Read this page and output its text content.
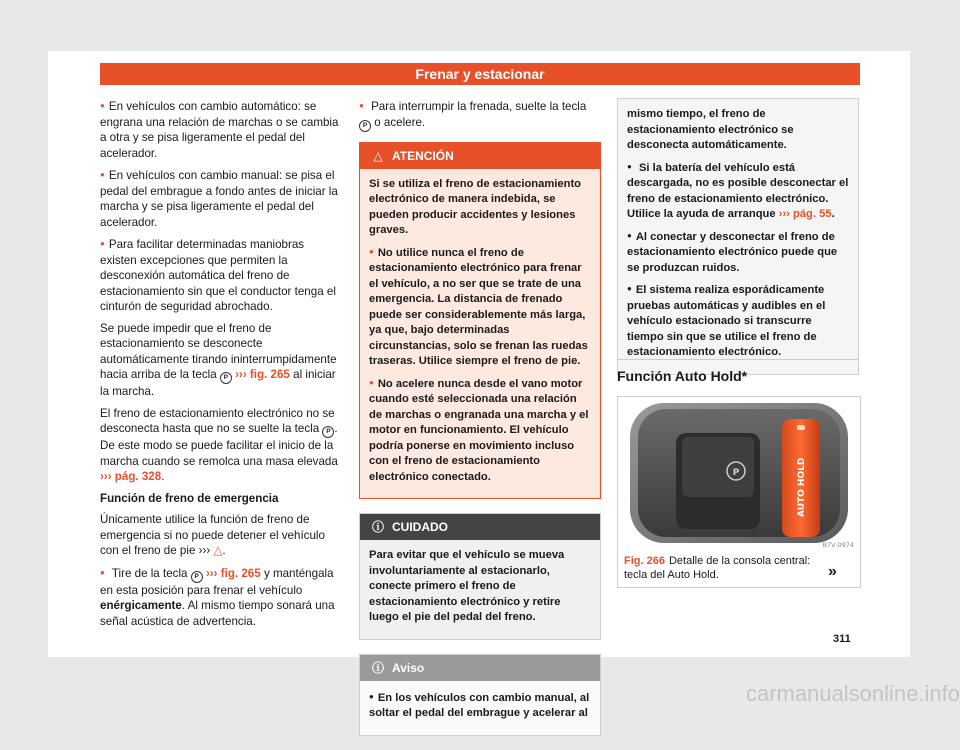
Frenar y estacionar

● En vehículos con cambio automático: se engrana una relación de marchas o se cambia a otra y se pisa ligeramente el pedal del acelerador.

● En vehículos con cambio manual: se pisa el pedal del embrague a fondo antes de iniciar la marcha y se pisa ligeramente el pedal del acelerador.

● Para facilitar determinadas maniobras existen excepciones que permiten la desconexión automática del freno de estacionamiento sin que el conductor tenga el cinturón de seguridad abrochado.

Se puede impedir que el freno de estacionamiento se desconecte automáticamente tirando ininterrumpidamente hacia arriba de la tecla P ››› fig. 265 al iniciar la marcha.

El freno de estacionamiento electrónico no se desconecta hasta que no se suelte la tecla P . De este modo se puede facilitar el inicio de la marcha cuando se remolca una masa elevada ››› pág. 328.

Función de freno de emergencia

Únicamente utilice la función de freno de emergencia si no puede detener el vehículo con el freno de pie ››› △.

● Tire de la tecla P ››› fig. 265 y manténgala en esta posición para frenar el vehículo enérgicamente. Al mismo tiempo sonará una señal acústica de advertencia.

● Para interrumpir la frenada, suelte la tecla P o acelere.

△ ATENCIÓN

Si se utiliza el freno de estacionamiento electrónico de manera indebida, se pueden producir accidentes y lesiones graves.

● No utilice nunca el freno de estacionamiento electrónico para frenar el vehículo, a no ser que se trate de una emergencia. La distancia de frenado puede ser considerablemente más larga, ya que, bajo determinadas circunstancias, solo se frenan las ruedas traseras. Utilice siempre el freno de pie.

● No acelere nunca desde el vano motor cuando esté seleccionada una relación de marchas o engranada una marcha y el motor en funcionamiento. El vehículo podría ponerse en movimiento incluso con el freno de estacionamiento electrónico conectado.

ⓘ CUIDADO

Para evitar que el vehículo se mueva involuntariamente al estacionarlo, conecte primero el freno de estacionamiento electrónico y retire luego el pie del pedal del freno.

ⓘ Aviso

● En los vehículos con cambio manual, al soltar el pedal del embrague y acelerar al

mismo tiempo, el freno de estacionamiento electrónico se desconecta automáticamente.

● Si la batería del vehículo está descargada, no es posible desconectar el freno de estacionamiento electrónico. Utilice la ayuda de arranque ››› pág. 55.

● Al conectar y desconectar el freno de estacionamiento electrónico puede que se produzcan ruidos.

● El sistema realiza esporádicamente pruebas automáticas y audibles en el vehículo estacionado si transcurre tiempo sin que se utilice el freno de estacionamiento electrónico.

Función Auto Hold*
P	AUTO HOLD
B7V-0974
Fig. 266 Detalle de la consola central: tecla del Auto Hold.	»
311
carmanualsonline.info
